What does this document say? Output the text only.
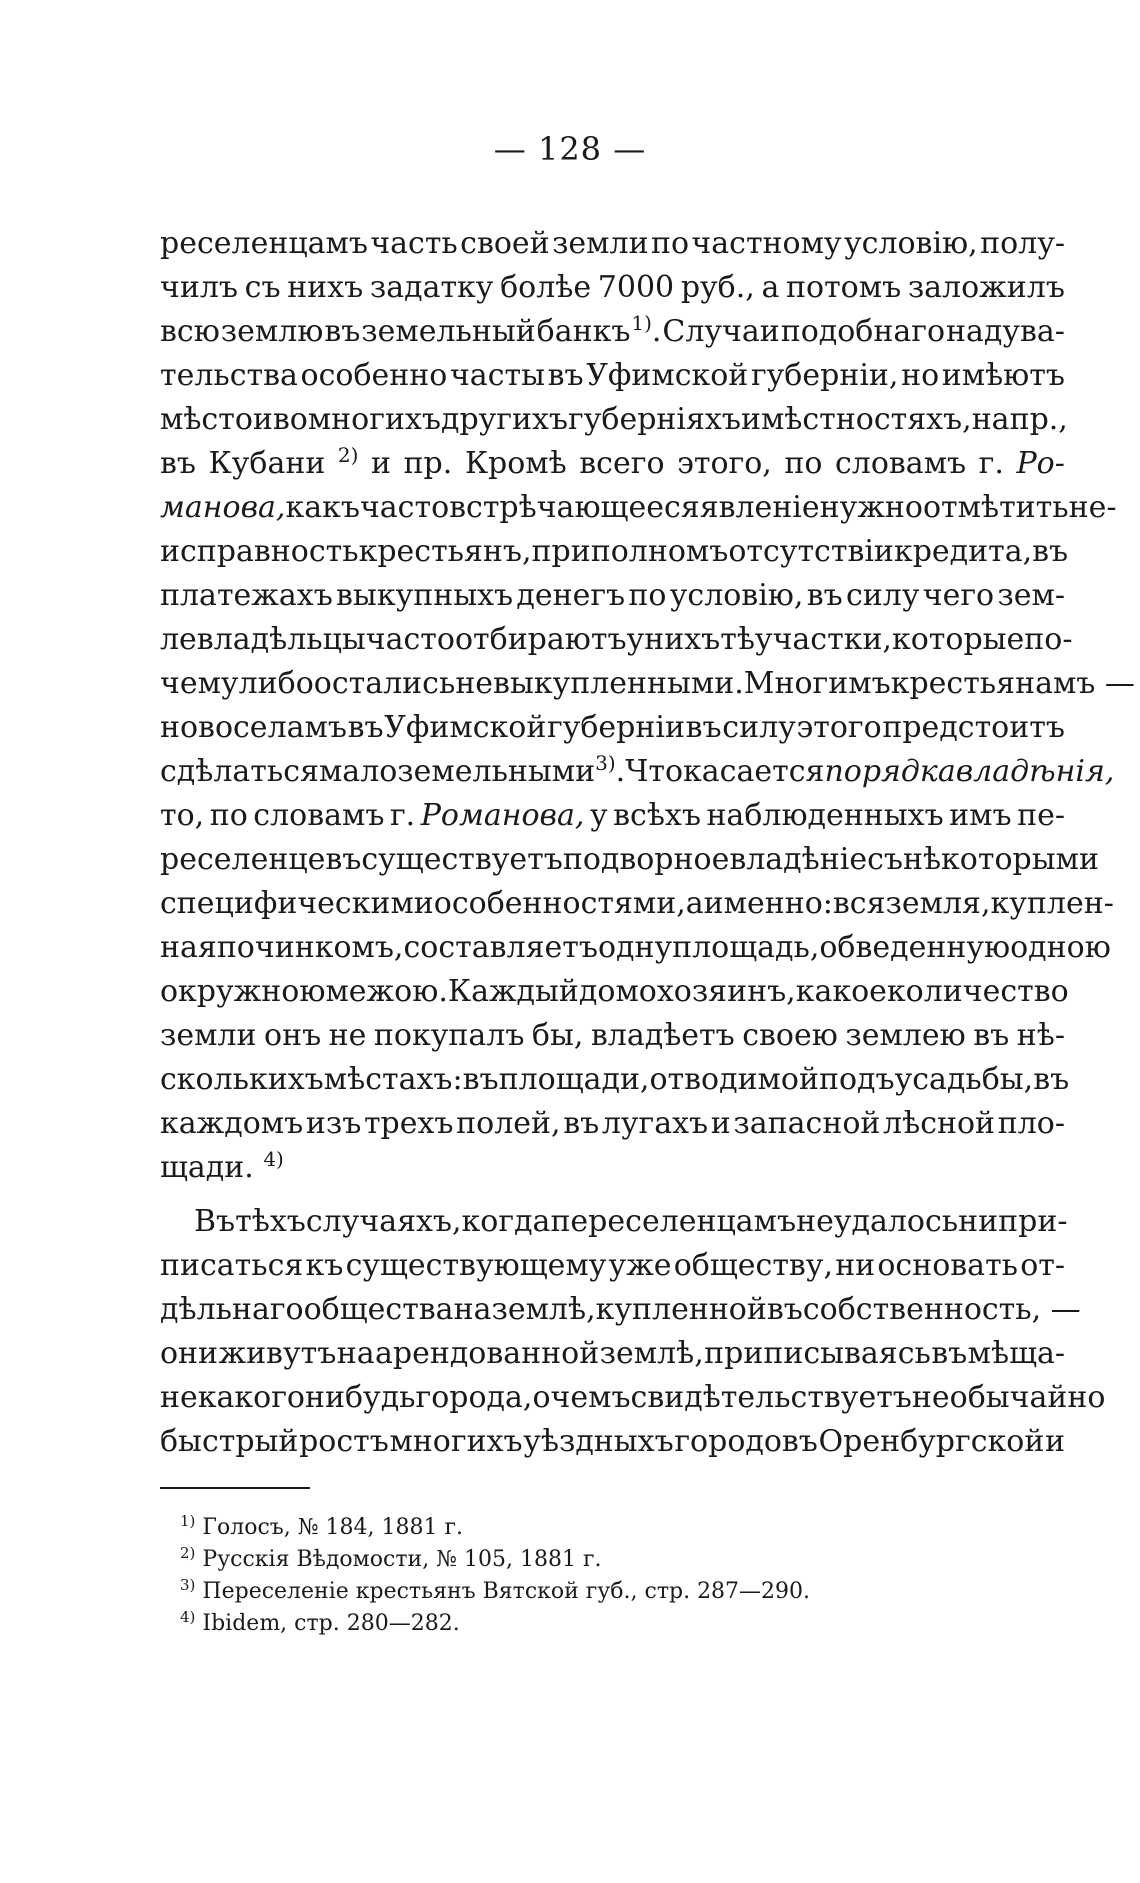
— 128 —
реселенцамъ часть своей земли по частному условію, полу-
чилъ съ нихъ задатку болѣе 7000 руб., а потомъ заложилъ
всю землю въ земельный банкъ $^{1)}$. Случаи подобнаго надува-
тельства особенно часты въ Уфимской губерніи, но имѣютъ
мѣсто и во многихъ другихъ губерніяхъ и мѣстностяхъ, напр.,
въ Кубани $^{2)}$ и пр. Кромѣ всего этого, по словамъ г. Ро-
манова, какъ часто встрѣчающееся явленіе нужно отмѣтить не-
исправность крестьянъ, при полномъ отсутствіи кредита, въ
платежахъ выкупныхъ денегъ по условію, въ силу чего зем-
левладѣльцы часто отбираютъ у нихъ тѣ участки, которые по-
чему либо остались невыкупленными. Многимъ крестьянамъ —
новоселамъ въ Уфимской губерніи въ силу этого предстоитъ
сдѣлаться малоземельными $^{3)}$. Что касается порядка владѣнія,
то, по словамъ г. Романова, у всѣхъ наблюденныхъ имъ пе-
реселенцевъ существуетъ подворное владѣніе съ нѣкоторыми
специфическими особенностями, а именно: вся земля, куплен-
ная починкомъ, составляетъ одну площадь, обведенную одною
окружною межою. Каждый домохозяинъ, какое количество
земли онъ не покупалъ бы, владѣетъ своею землею въ нѣ-
сколькихъ мѣстахъ: въ площади, отводимой подъ усадьбы, въ
каждомъ изъ трехъ полей, въ лугахъ и запасной лѣсной пло-
щади.
$^{4)}$
Въ тѣхъ случаяхъ, когда переселенцамъ не удалось ни при-
писаться къ существующему уже обществу, ни основать от-
дѣльнаго общества на землѣ, купленной въ собственность, —
они живутъ на арендованной землѣ, приписываясь въ мѣща-
не какого нибудь города, о чемъ свидѣтельствуетъ необычайно
быстрый ростъ многихъ уѣздныхъ городовъ Оренбургской и
$^{1)}$ Голосъ, № 184, 1881 г.
$^{2)}$ Русскія Вѣдомости, № 105, 1881 г.
$^{3)}$ Переселеніе крестьянъ Вятской губ., стр. 287—290.
$^{4)}$ Ibidem, стр. 280—282.
